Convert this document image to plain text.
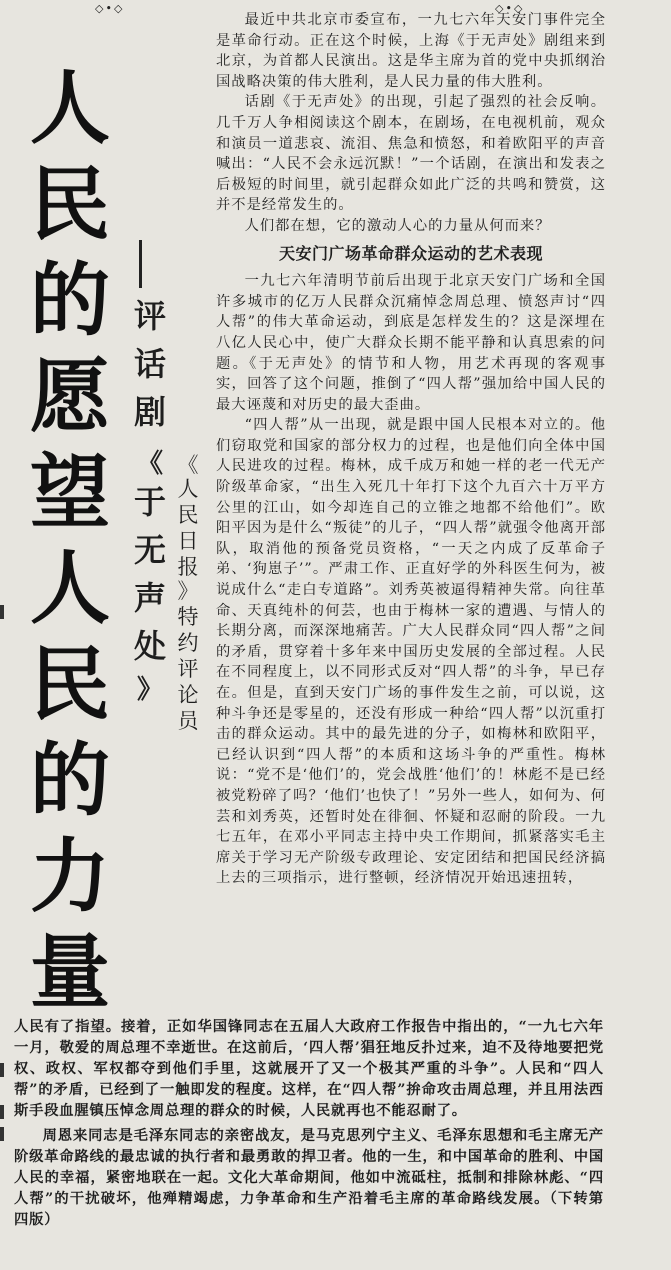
◇•◇	◇•◇
人
民
的
愿
望
人
民
的
力
量
评
话
剧
《
于
无
声
处
》
《
人
民
日
报
》
特
约
评
论
员

最近中共北京市委宣布，一九七六年天安门事件完全是革命行动。正在这个时候，上海《于无声处》剧组来到北京，为首都人民演出。这是华主席为首的党中央抓纲治国战略决策的伟大胜利，是人民力量的伟大胜利。

话剧《于无声处》的出现，引起了强烈的社会反响。几千万人争相阅读这个剧本，在剧场，在电视机前，观众和演员一道悲哀、流泪、焦急和愤怒，和着欧阳平的声音喊出：“人民不会永远沉默！”一个话剧，在演出和发表之后极短的时间里，就引起群众如此广泛的共鸣和赞赏，这并不是经常发生的。

人们都在想，它的激动人心的力量从何而来？

天安门广场革命群众运动的艺术表现

一九七六年清明节前后出现于北京天安门广场和全国许多城市的亿万人民群众沉痛悼念周总理、愤怒声讨“四人帮”的伟大革命运动，到底是怎样发生的？这是深埋在八亿人民心中，使广大群众长期不能平静和认真思索的问题。《于无声处》的情节和人物，用艺术再现的客观事实，回答了这个问题，推倒了“四人帮”强加给中国人民的最大诬蔑和对历史的最大歪曲。

“四人帮”从一出现，就是跟中国人民根本对立的。他们窃取党和国家的部分权力的过程，也是他们向全体中国人民进攻的过程。梅林，成千成万和她一样的老一代无产阶级革命家，“出生入死几十年打下这个九百六十万平方公里的江山，如今却连自己的立锥之地都不给他们”。欧阳平因为是什么“叛徒”的儿子，“四人帮”就强令他离开部队，取消他的预备党员资格，“一天之内成了反革命子弟、‘狗崽子’”。严肃工作、正直好学的外科医生何为，被说成什么“走白专道路”。刘秀英被逼得精神失常。向往革命、天真纯朴的何芸，也由于梅林一家的遭遇、与情人的长期分离，而深深地痛苦。广大人民群众同“四人帮”之间的矛盾，贯穿着十多年来中国历史发展的全部过程。人民在不同程度上，以不同形式反对“四人帮”的斗争，早已存在。但是，直到天安门广场的事件发生之前，可以说，这种斗争还是零星的，还没有形成一种给“四人帮”以沉重打击的群众运动。其中的最先进的分子，如梅林和欧阳平，已经认识到“四人帮”的本质和这场斗争的严重性。梅林说：“党不是‘他们’的，党会战胜‘他们’的！林彪不是已经被党粉碎了吗？‘他们’也快了！”另外一些人，如何为、何芸和刘秀英，还暂时处在徘徊、怀疑和忍耐的阶段。一九七五年，在邓小平同志主持中央工作期间，抓紧落实毛主席关于学习无产阶级专政理论、安定团结和把国民经济搞上去的三项指示，进行整顿，经济情况开始迅速扭转，

人民有了指望。接着，正如华国锋同志在五届人大政府工作报告中指出的，“一九七六年一月，敬爱的周总理不幸逝世。在这前后，‘四人帮’猖狂地反扑过来，迫不及待地要把党权、政权、军权都夺到他们手里，这就展开了又一个极其严重的斗争”。人民和“四人帮”的矛盾，已经到了一触即发的程度。这样，在“四人帮”拚命攻击周总理，并且用法西斯手段血腥镇压悼念周总理的群众的时候，人民就再也不能忍耐了。

周恩来同志是毛泽东同志的亲密战友，是马克思列宁主义、毛泽东思想和毛主席无产阶级革命路线的最忠诚的执行者和最勇敢的捍卫者。他的一生，和中国革命的胜利、中国人民的幸福，紧密地联在一起。文化大革命期间，他如中流砥柱，抵制和排除林彪、“四人帮”的干扰破坏，他殚精竭虑，力争革命和生产沿着毛主席的革命路线发展。（下转第四版）
